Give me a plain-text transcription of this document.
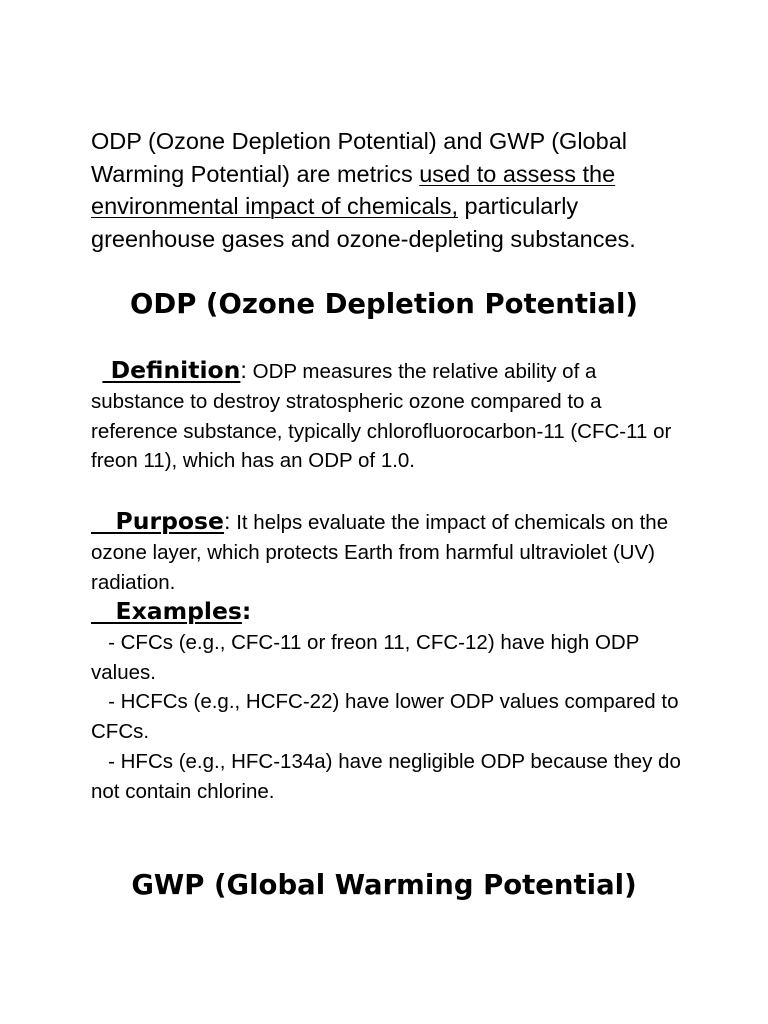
ODP (Ozone Depletion Potential) and GWP (Global Warming Potential) are metrics used to assess the environmental impact of chemicals, particularly greenhouse gases and ozone-depleting substances.

ODP (Ozone Depletion Potential)

Definition: ODP measures the relative ability of a substance to destroy stratospheric ozone compared to a reference substance, typically chlorofluorocarbon-11 (CFC-11 or freon 11), which has an ODP of 1.0.

Purpose: It helps evaluate the impact of chemicals on the ozone layer, which protects Earth from harmful ultraviolet (UV) radiation.

Examples:
- CFCs (e.g., CFC-11 or freon 11, CFC-12) have high ODP values.
- HCFCs (e.g., HCFC-22) have lower ODP values compared to CFCs.
- HFCs (e.g., HFC-134a) have negligible ODP because they do not contain chlorine.
GWP (Global Warming Potential)
